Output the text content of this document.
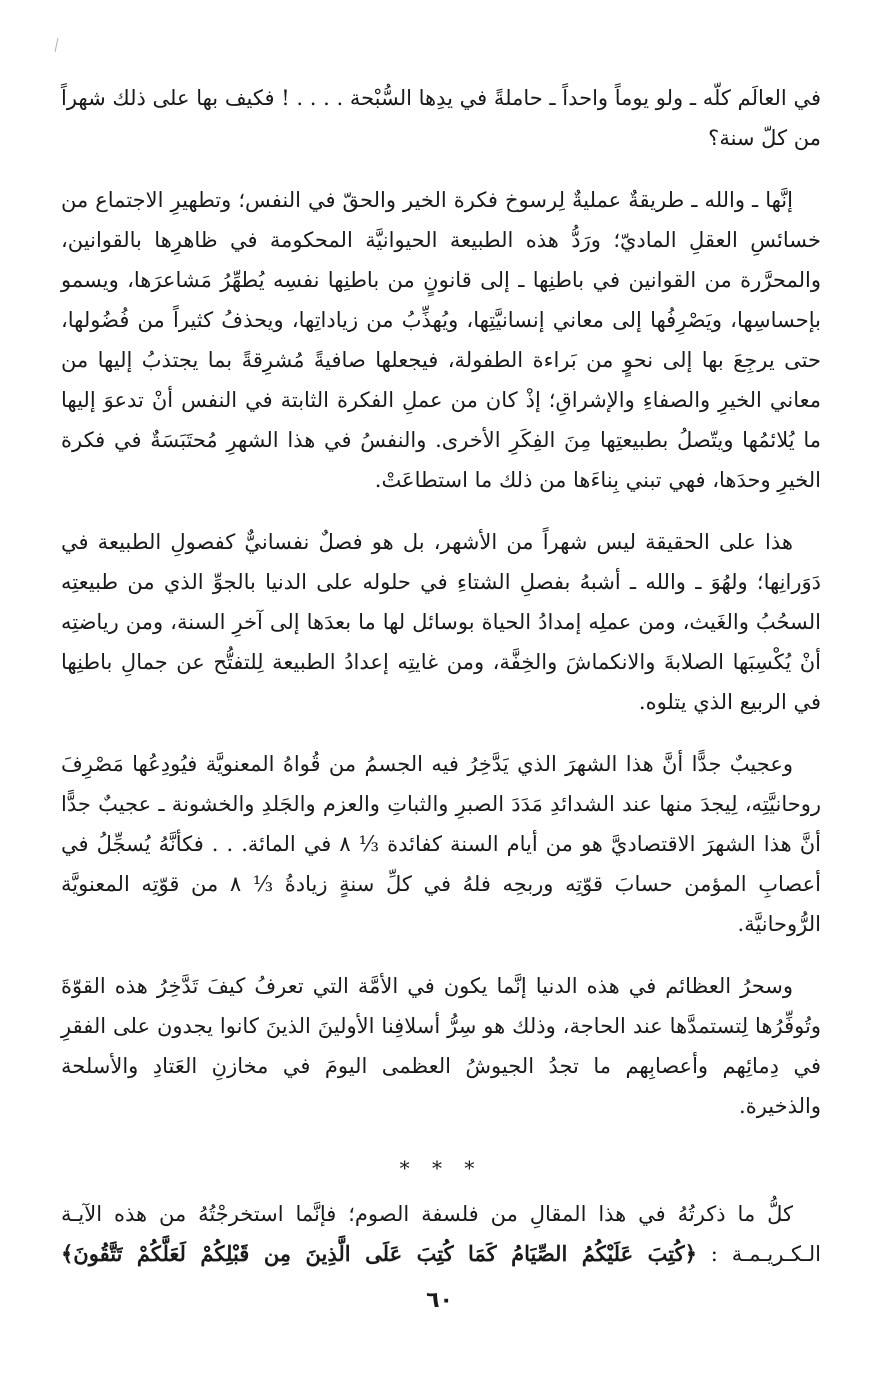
في العالَم كلّه ـ ولو يوماً واحداً ـ حاملةً في يدِها السُّبْحة . . . . ! فكيف بها على ذلك شهراً من كلّ سنة؟

إنَّها ـ والله ـ طريقةٌ عمليةٌ لِرسوخ فكرة الخير والحقّ في النفس؛ وتطهيرِ الاجتماع من خسائسِ العقلِ الماديّ؛ ورَدُّ هذه الطبيعة الحيوانيَّة المحكومة في ظاهرِها بالقوانين، والمحرَّرة من القوانين في باطنِها ـ إلى قانونٍ من باطنِها نفسِه يُطهِّرُ مَشاعرَها، ويسمو بإحساسِها، ويَصْرِفُها إلى معاني إنسانيَّتِها، ويُهذِّبُ من زياداتِها، ويحذفُ كثيراً من فُضُولها، حتى يرجِعَ بها إلى نحوٍ من بَراءة الطفولة، فيجعلها صافيةً مُشرِقةً بما يجتذبُ إليها من معاني الخيرِ والصفاءِ والإشراقِ؛ إذْ كان من عملِ الفكرة الثابتة في النفس أنْ تدعوَ إليها ما يُلائمُها ويتّصلُ بطبيعتِها مِنَ الفِكَرِ الأخرى. والنفسُ في هذا الشهرِ مُحتَبَسَةٌ في فكرة الخيرِ وحدَها، فهي تبني بِناءَها من ذلك ما استطاعَتْ.

هذا على الحقيقة ليس شهراً من الأشهر، بل هو فصلٌ نفسانيٌّ كفصولِ الطبيعة في دَوَرانِها؛ ولهُوَ ـ والله ـ أشبهُ بفصلِ الشتاءِ في حلوله على الدنيا بالجوِّ الذي من طبيعتِه السحُبُ والغَيث، ومن عملِه إمدادُ الحياة بوسائل لها ما بعدَها إلى آخرِ السنة، ومن رياضتِه أنْ يُكْسِبَها الصلابةَ والانكماشَ والخِفَّة، ومن غايتِه إعدادُ الطبيعة لِلتفتُّح عن جمالِ باطنِها في الربيع الذي يتلوه.

وعجيبٌ جدًّا أنَّ هذا الشهرَ الذي يَدَّخِرُ فيه الجسمُ من قُواهُ المعنويَّة فيُودِعُها مَصْرِفَ روحانيَّتِه، لِيجدَ منها عند الشدائدِ مَدَدَ الصبرِ والثباتِ والعزم والجَلدِ والخشونة ـ عجيبٌ جدًّا أنَّ هذا الشهرَ الاقتصاديَّ هو من أيام السنة كفائدة ⅓ ٨ في المائة. . . فكأنَّهُ يُسجِّلُ في أعصابِ المؤمن حسابَ قوّتِه وربحِه فلهُ في كلِّ سنةٍ زيادةُ ⅓ ٨ من قوّتِه المعنويَّة الرُّوحانيَّة.

وسحرُ العظائم في هذه الدنيا إنَّما يكون في الأمَّة التي تعرفُ كيفَ تَدَّخِرُ هذه القوّةَ وتُوفِّرُها لِتستمدَّها عند الحاجة، وذلك هو سِرُّ أسلافِنا الأولينَ الذينَ كانوا يجدون على الفقرِ في دِمائِهم وأعصابِهم ما تجدُ الجيوشُ العظمى اليومَ في مخازنِ العَتادِ والأسلحة والذخيرة.

* * *

كلُّ ما ذكرتُهُ في هذا المقالِ من فلسفة الصوم؛ فإنَّما استخرجْتُهُ من هذه الآيـة الـكـريـمـة : ﴿كُتِبَ عَلَيْكُمُ الصِّيَامُ كَمَا كُتِبَ عَلَى الَّذِينَ مِن قَبْلِكُمْ لَعَلَّكُمْ تَتَّقُونَ﴾

٦٠
